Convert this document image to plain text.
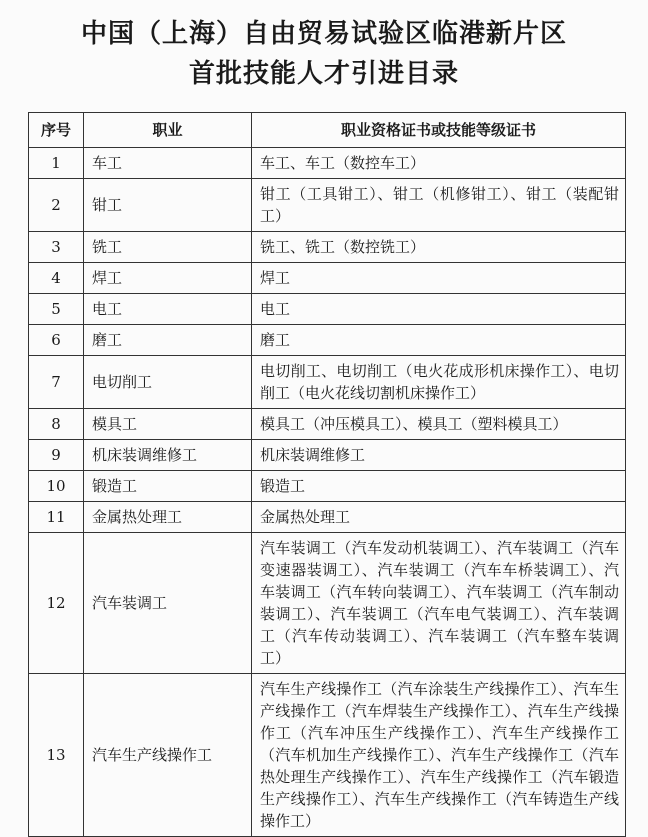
中国（上海）自由贸易试验区临港新片区
首批技能人才引进目录
序号	职业	职业资格证书或技能等级证书
1	车工	车工、车工（数控车工）
2	钳工	钳工（工具钳工）、钳工（机修钳工）、钳工（装配钳工）
3	铣工	铣工、铣工（数控铣工）
4	焊工	焊工
5	电工	电工
6	磨工	磨工
7	电切削工	电切削工、电切削工（电火花成形机床操作工）、电切削工（电火花线切割机床操作工）
8	模具工	模具工（冲压模具工）、模具工（塑料模具工）
9	机床装调维修工	机床装调维修工
10	锻造工	锻造工
11	金属热处理工	金属热处理工
12	汽车装调工	汽车装调工（汽车发动机装调工）、汽车装调工（汽车变速器装调工）、汽车装调工（汽车车桥装调工）、汽车装调工（汽车转向装调工）、汽车装调工（汽车制动装调工）、汽车装调工（汽车电气装调工）、汽车装调工（汽车传动装调工）、汽车装调工（汽车整车装调工）
13	汽车生产线操作工	汽车生产线操作工（汽车涂装生产线操作工）、汽车生产线操作工（汽车焊装生产线操作工）、汽车生产线操作工（汽车冲压生产线操作工）、汽车生产线操作工（汽车机加生产线操作工）、汽车生产线操作工（汽车热处理生产线操作工）、汽车生产线操作工（汽车锻造生产线操作工）、汽车生产线操作工（汽车铸造生产线操作工）
